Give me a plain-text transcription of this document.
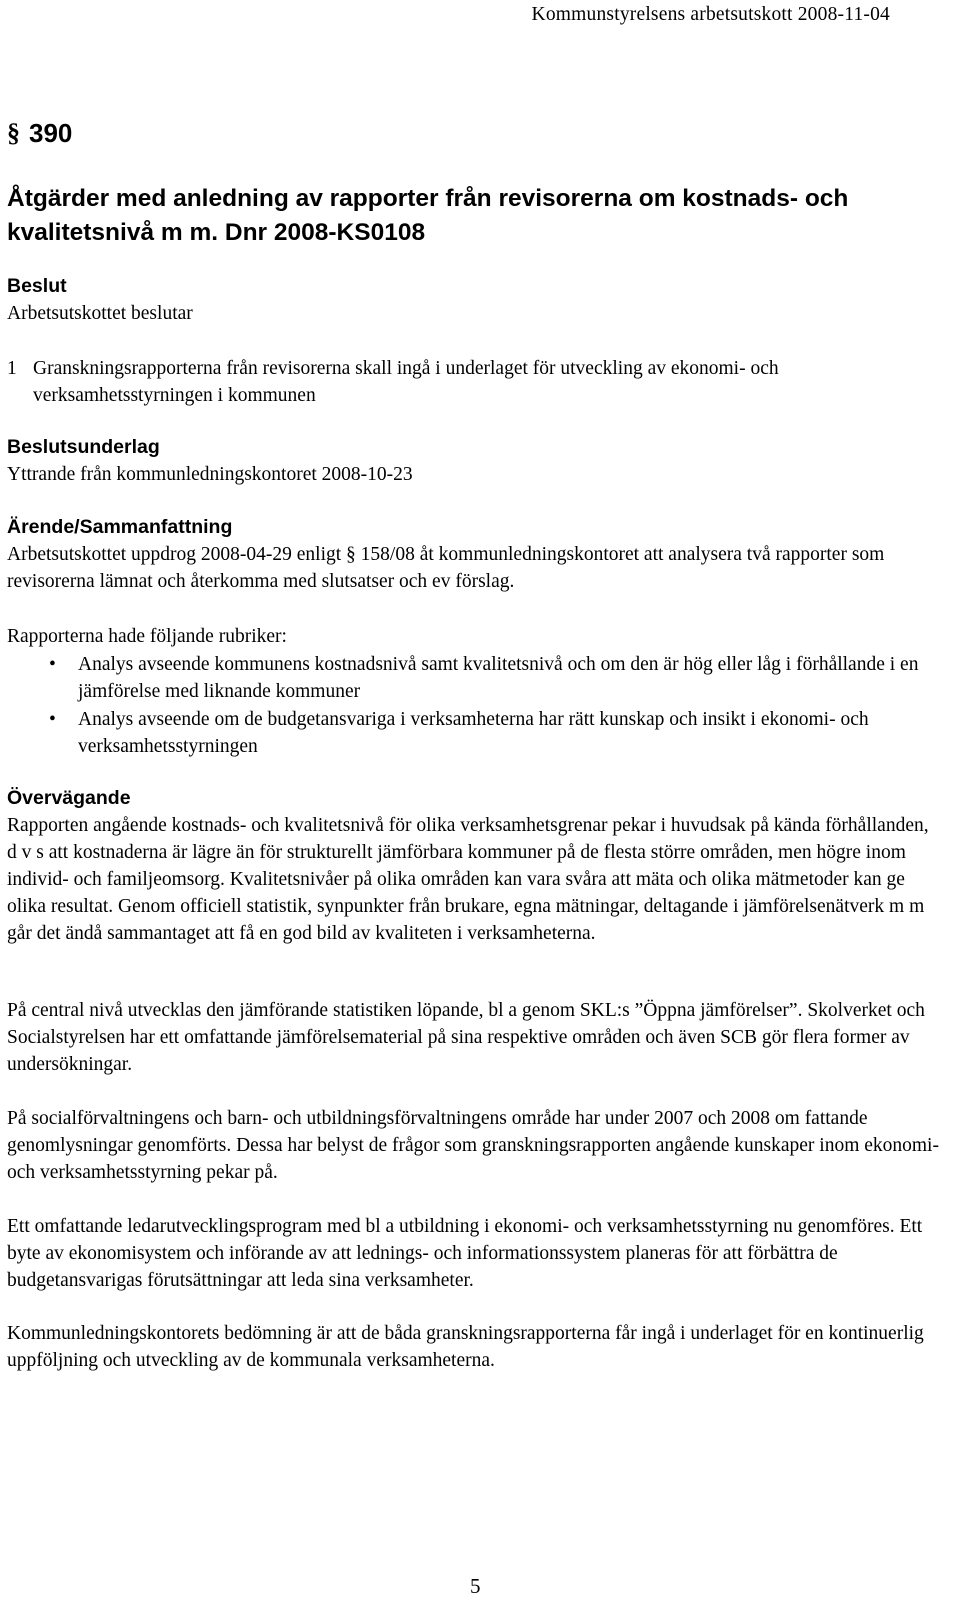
Kommunstyrelsens arbetsutskott 2008-11-04
§ 390
Åtgärder med anledning av rapporter från revisorerna om kostnads- och kvalitetsnivå m m. Dnr 2008-KS0108
Beslut
Arbetsutskottet beslutar
1 Granskningsrapporterna från revisorerna skall ingå i underlaget för utveckling av ekonomi- och verksamhetsstyrningen i kommunen
Beslutsunderlag
Yttrande från kommunledningskontoret 2008-10-23
Ärende/Sammanfattning
Arbetsutskottet uppdrog 2008-04-29 enligt § 158/08 åt kommunledningskontoret att analysera två rapporter som revisorerna lämnat och återkomma med slutsatser och ev förslag.
Rapporterna hade följande rubriker:
• Analys avseende kommunens kostnadsnivå samt kvalitetsnivå och om den är hög eller låg i förhållande i en jämförelse med liknande kommuner
• Analys avseende om de budgetansvariga i verksamheterna har rätt kunskap och insikt i ekonomi- och verksamhetsstyrningen
Övervägande
Rapporten angående kostnads- och kvalitetsnivå för olika verksamhetsgrenar pekar i huvudsak på kända förhållanden, d v s att kostnaderna är lägre än för strukturellt jämförbara kommuner på de flesta större områden, men högre inom individ- och familjeomsorg. Kvalitetsnivåer på olika områden kan vara svåra att mäta och olika mätmetoder kan ge olika resultat. Genom officiell statistik, synpunkter från brukare, egna mätningar, deltagande i jämförelsenätverk m m går det ändå sammantaget att få en god bild av kvaliteten i verksamheterna.
På central nivå utvecklas den jämförande statistiken löpande, bl a genom SKL:s ”Öppna jämförelser”. Skolverket och Socialstyrelsen har ett omfattande jämförelsematerial på sina respektive områden och även SCB gör flera former av undersökningar.
På socialförvaltningens och barn- och utbildningsförvaltningens område har under 2007 och 2008 om fattande genomlysningar genomförts. Dessa har belyst de frågor som granskningsrapporten angående kunskaper inom ekonomi- och verksamhetsstyrning pekar på.
Ett omfattande ledarutvecklingsprogram med bl a utbildning i ekonomi- och verksamhetsstyrning nu genomföres. Ett byte av ekonomisystem och införande av att lednings- och informationssystem planeras för att förbättra de budgetansvarigas förutsättningar att leda sina verksamheter.
Kommunledningskontorets bedömning är att de båda granskningsrapporterna får ingå i underlaget för en kontinuerlig uppföljning och utveckling av de kommunala verksamheterna.
5
